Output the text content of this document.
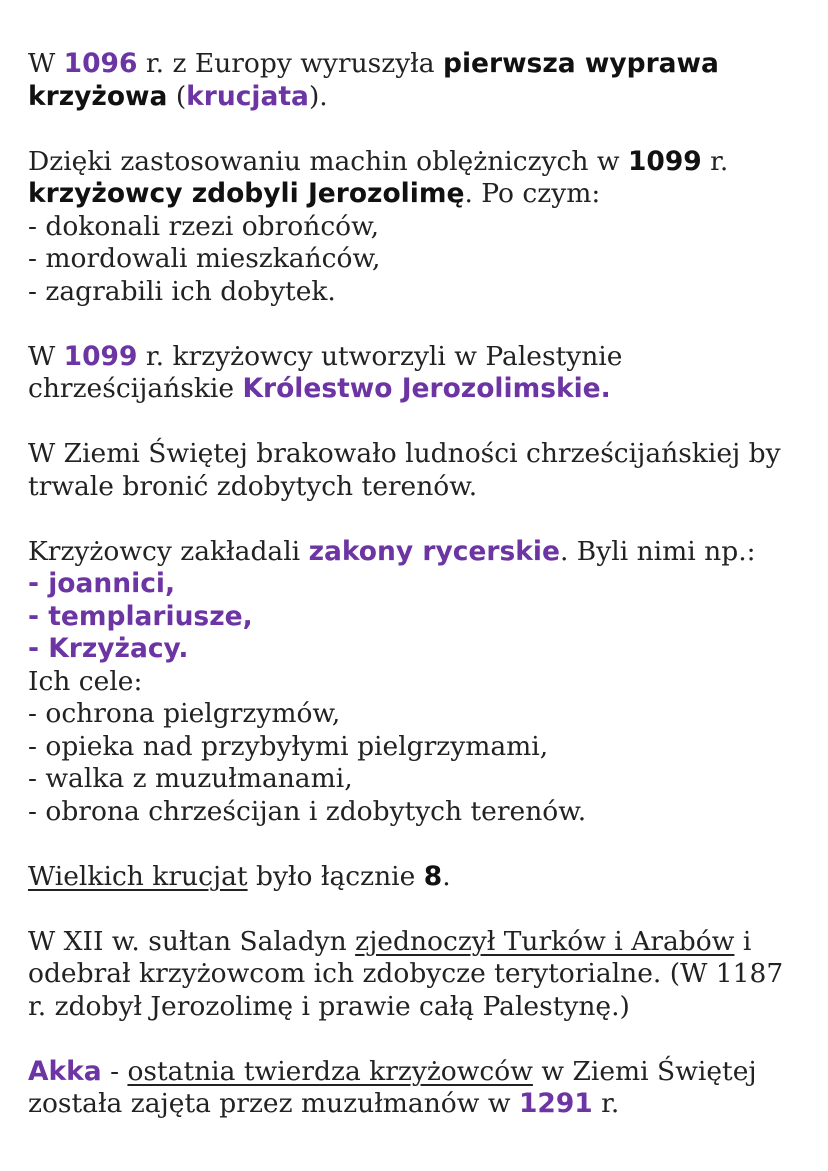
W 1096 r. z Europy wyruszyła pierwsza wyprawa
krzyżowa (krucjata).
Dzięki zastosowaniu machin oblężniczych w 1099 r.
krzyżowcy zdobyli Jerozolimę. Po czym:
- dokonali rzezi obrońców,
- mordowali mieszkańców,
- zagrabili ich dobytek.
W 1099 r. krzyżowcy utworzyli w Palestynie
chrześcijańskie Królestwo Jerozolimskie.
W Ziemi Świętej brakowało ludności chrześcijańskiej by
trwale bronić zdobytych terenów.
Krzyżowcy zakładali zakony rycerskie. Byli nimi np.:
- joannici,
- templariusze,
- Krzyżacy.
Ich cele:
- ochrona pielgrzymów,
- opieka nad przybyłymi pielgrzymami,
- walka z muzułmanami,
- obrona chrześcijan i zdobytych terenów.
Wielkich krucjat było łącznie 8.
W XII w. sułtan Saladyn zjednoczył Turków i Arabów i
odebrał krzyżowcom ich zdobycze terytorialne. (W 1187
r. zdobył Jerozolimę i prawie całą Palestynę.)
Akka - ostatnia twierdza krzyżowców w Ziemi Świętej
została zajęta przez muzułmanów w 1291 r.
